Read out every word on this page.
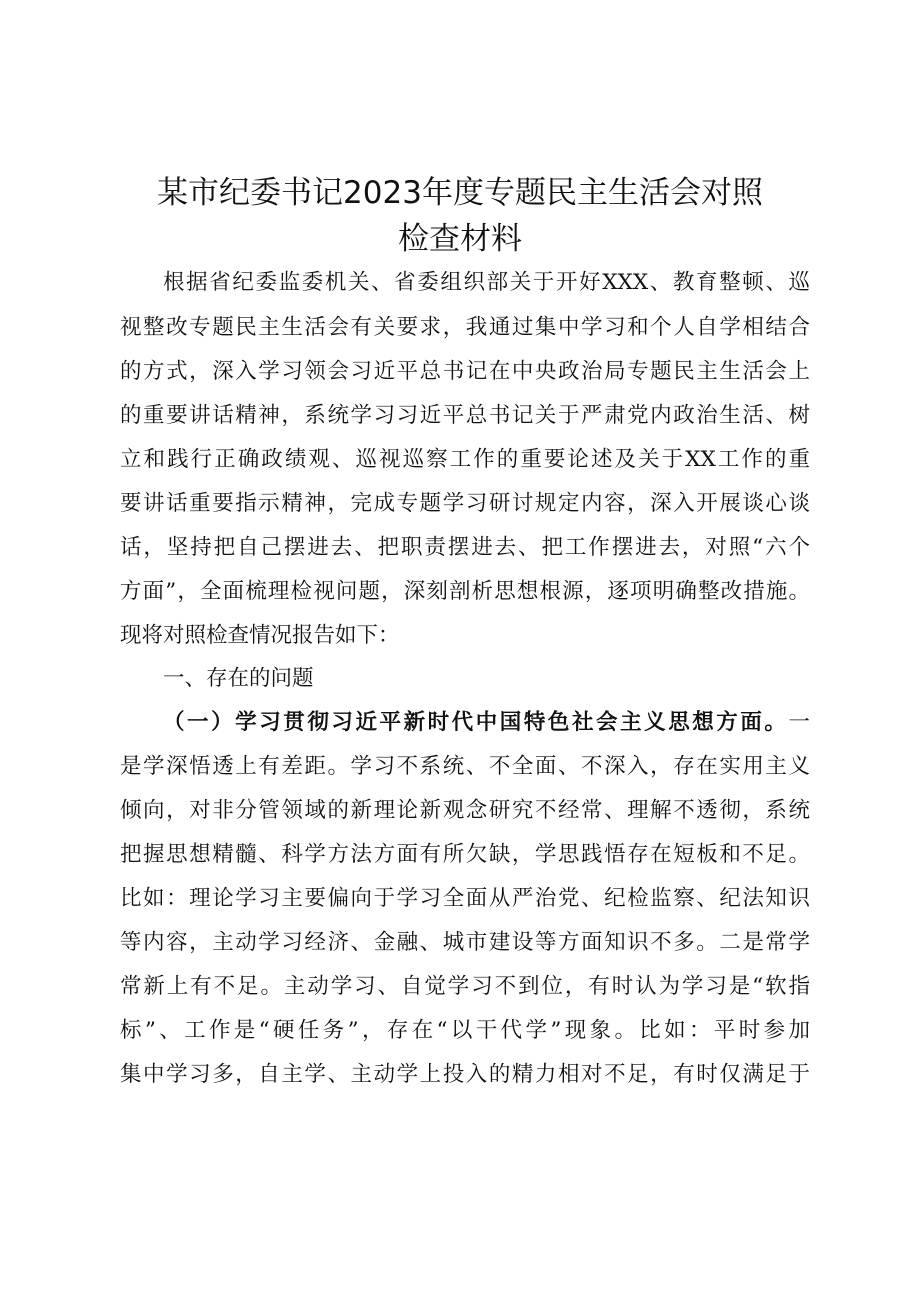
某市纪委书记2023年度专题民主生活会对照
检查材料
根据省纪委监委机关、省委组织部关于开好XXX、教育整顿、巡
视整改专题民主生活会有关要求，我通过集中学习和个人自学相结合
的方式，深入学习领会习近平总书记在中央政治局专题民主生活会上
的重要讲话精神，系统学习习近平总书记关于严肃党内政治生活、树
立和践行正确政绩观、巡视巡察工作的重要论述及关于XX工作的重
要讲话重要指示精神，完成专题学习研讨规定内容，深入开展谈心谈
话，坚持把自己摆进去、把职责摆进去、把工作摆进去，对照“六个
方面”，全面梳理检视问题，深刻剖析思想根源，逐项明确整改措施。
现将对照检查情况报告如下：
一、存在的问题
（一）学习贯彻习近平新时代中国特色社会主义思想方面。一
是学深悟透上有差距。学习不系统、不全面、不深入，存在实用主义
倾向，对非分管领域的新理论新观念研究不经常、理解不透彻，系统
把握思想精髓、科学方法方面有所欠缺，学思践悟存在短板和不足。
比如：理论学习主要偏向于学习全面从严治党、纪检监察、纪法知识
等内容，主动学习经济、金融、城市建设等方面知识不多。二是常学
常新上有不足。主动学习、自觉学习不到位，有时认为学习是“软指
标”、工作是“硬任务”，存在“以干代学”现象。比如：平时参加
集中学习多，自主学、主动学上投入的精力相对不足，有时仅满足于
